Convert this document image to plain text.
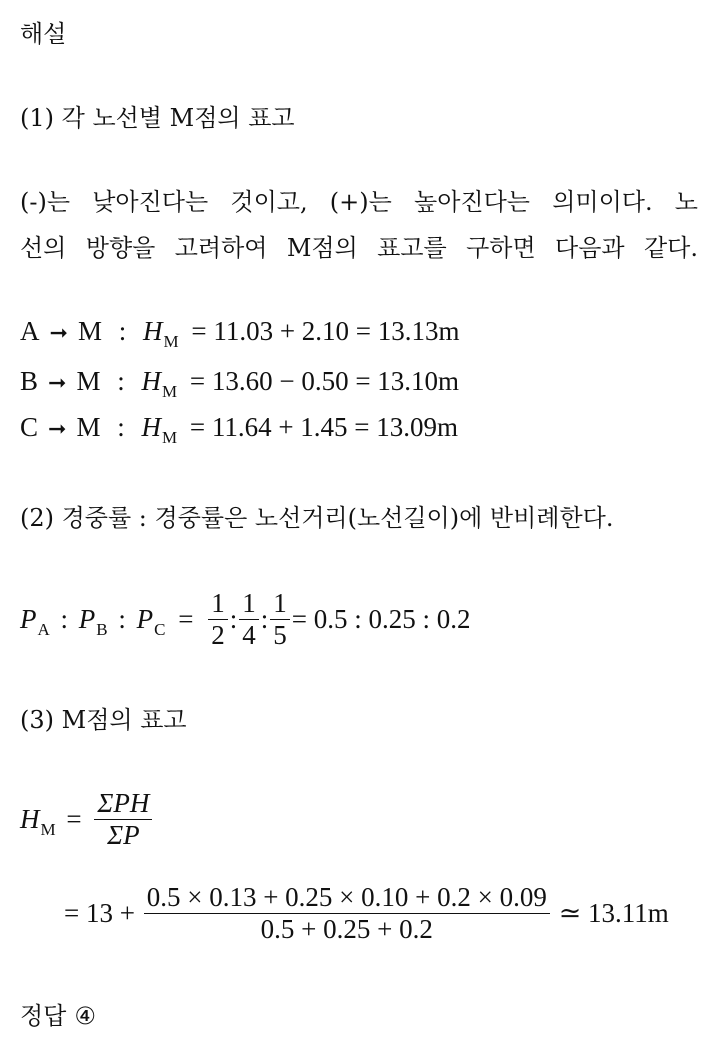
해설
(1) 각 노선별 M점의 표고
(-)는 낮아진다는 것이고, (+)는 높아진다는 의미이다. 노
선의 방향을 고려하여 M점의 표고를 구하면 다음과 같다.
A ➞ M : $H_M = 11.03 + 2.10 = 13.13m$
B ➞ M : $H_M = 13.60 - 0.50 = 13.10m$
C ➞ M : $H_M = 11.64 + 1.45 = 13.09m$
(2) 경중률 : 경중률은 노선거리(노선길이)에 반비례한다.
$P_A$ : $P_B$ : $P_C = \frac{1}{2}$ : $\frac{1}{4}$ : $\frac{1}{5} = 0.5$ : 0.25 : 0.2
(3) M점의 표고
$H_M = \frac{\text{ΣPH}}{\Sigma P}$
= $13 + \frac{0.5 \times 0.13 + 0.25 \times 0.10 + 0.2 \times 0.09}{0.5 + 0.25 + 0.2}$ ≃ 13.11m
정답 ④
